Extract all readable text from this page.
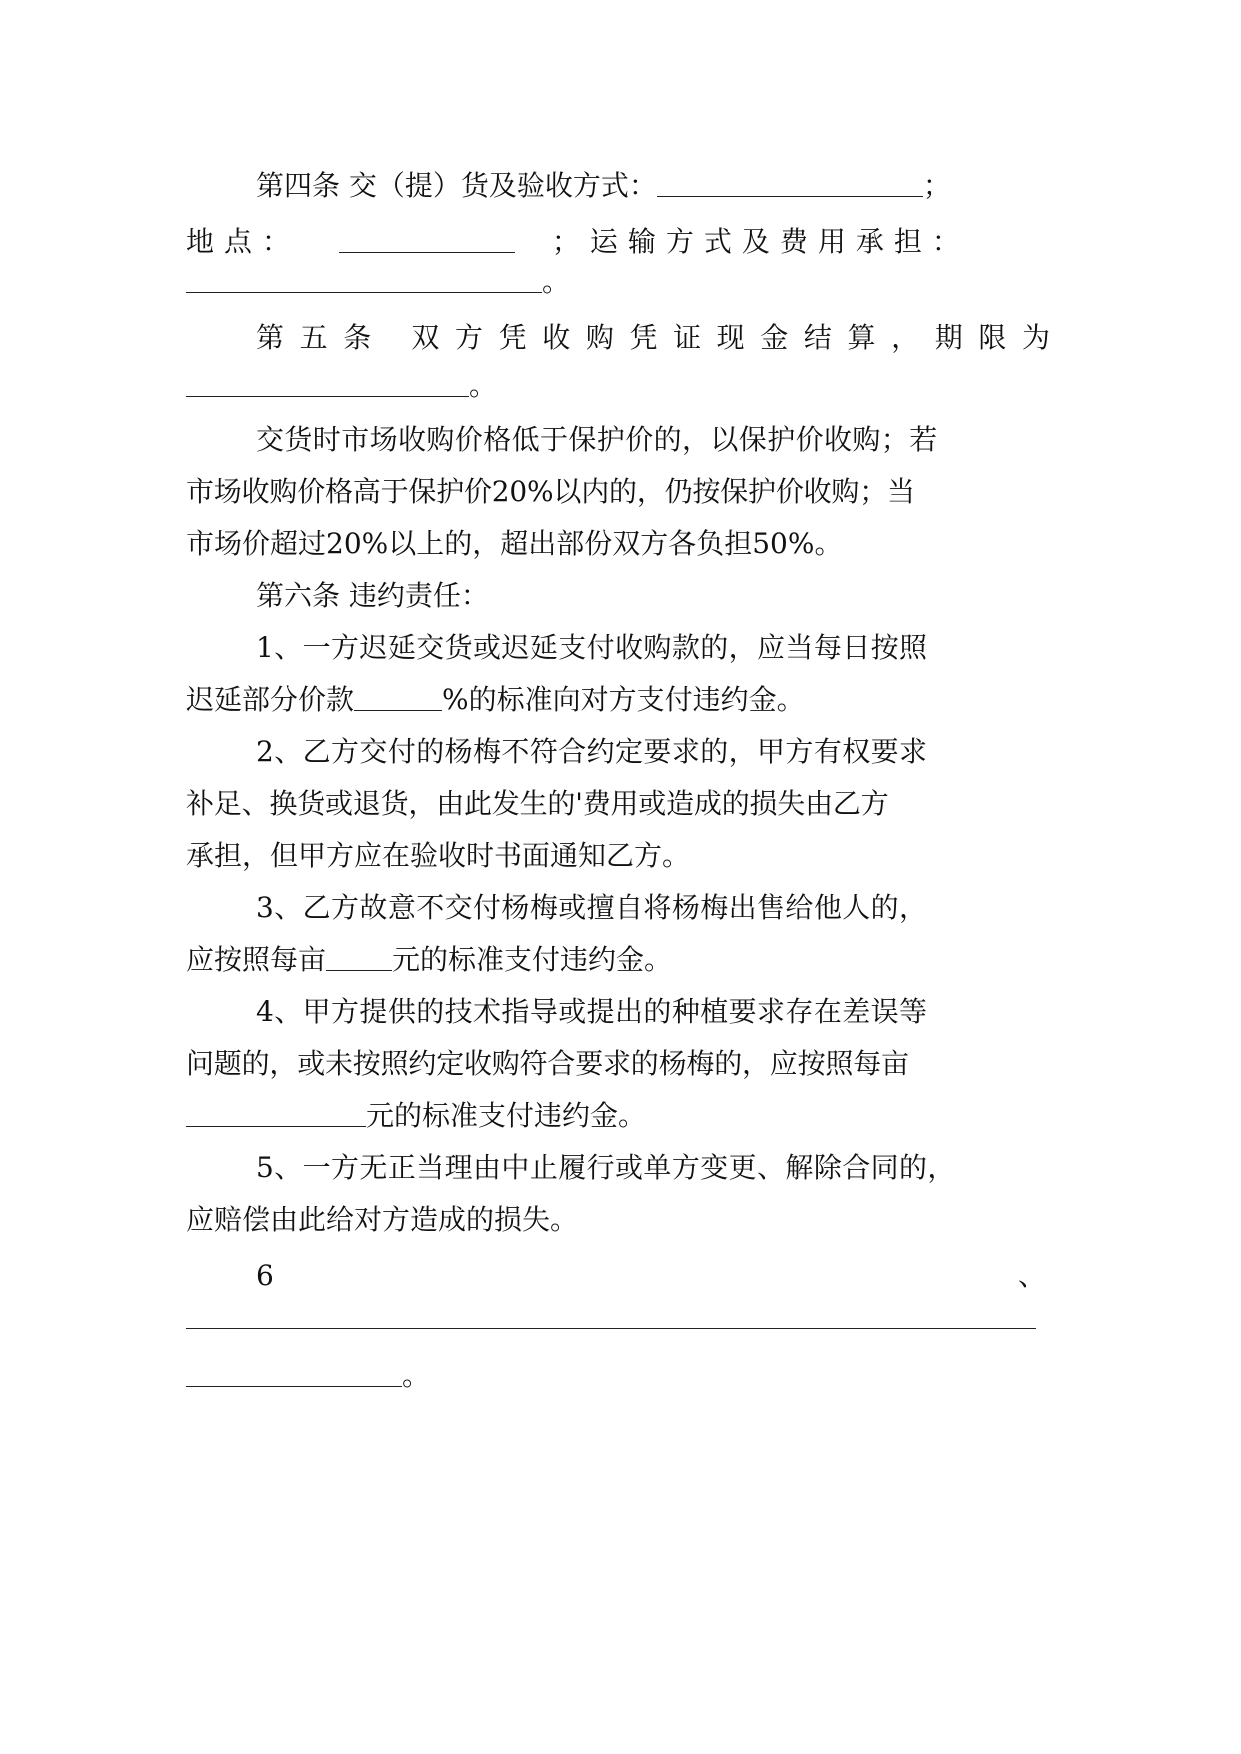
第四条 交（提）货及验收方式：	；
地点：	；运输方式及费用承担：
。
第五条 双方凭收购凭证现金结算，期限为
。
交货时市场收购价格低于保护价的，以保护价收购；若
市场收购价格高于保护价20%以内的，仍按保护价收购；当
市场价超过20%以上的，超出部份双方各负担50%。
第六条 违约责任：
1、一方迟延交货或迟延支付收购款的，应当每日按照
迟延部分价款	%的标准向对方支付违约金。
2、乙方交付的杨梅不符合约定要求的，甲方有权要求
补足、换货或退货，由此发生的'费用或造成的损失由乙方
承担，但甲方应在验收时书面通知乙方。
3、乙方故意不交付杨梅或擅自将杨梅出售给他人的，
应按照每亩 元的标准支付违约金。
4、甲方提供的技术指导或提出的种植要求存在差误等
问题的，或未按照约定收购符合要求的杨梅的，应按照每亩
元的标准支付违约金。
5、一方无正当理由中止履行或单方变更、解除合同的，
应赔偿由此给对方造成的损失。
6	、
。
